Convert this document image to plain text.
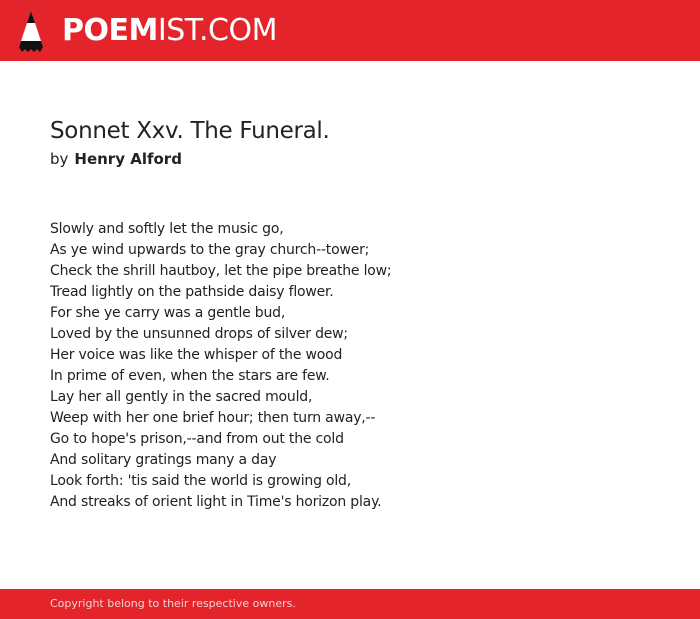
POEMIST.COM
Sonnet Xxv. The Funeral.
by Henry Alford
Slowly and softly let the music go,
As ye wind upwards to the gray church--tower;
Check the shrill hautboy, let the pipe breathe low;
Tread lightly on the pathside daisy flower.
For she ye carry was a gentle bud,
Loved by the unsunned drops of silver dew;
Her voice was like the whisper of the wood
In prime of even, when the stars are few.
Lay her all gently in the sacred mould,
Weep with her one brief hour; then turn away,--
Go to hope's prison,--and from out the cold
And solitary gratings many a day
Look forth: 'tis said the world is growing old,
And streaks of orient light in Time's horizon play.
Copyright belong to their respective owners.
